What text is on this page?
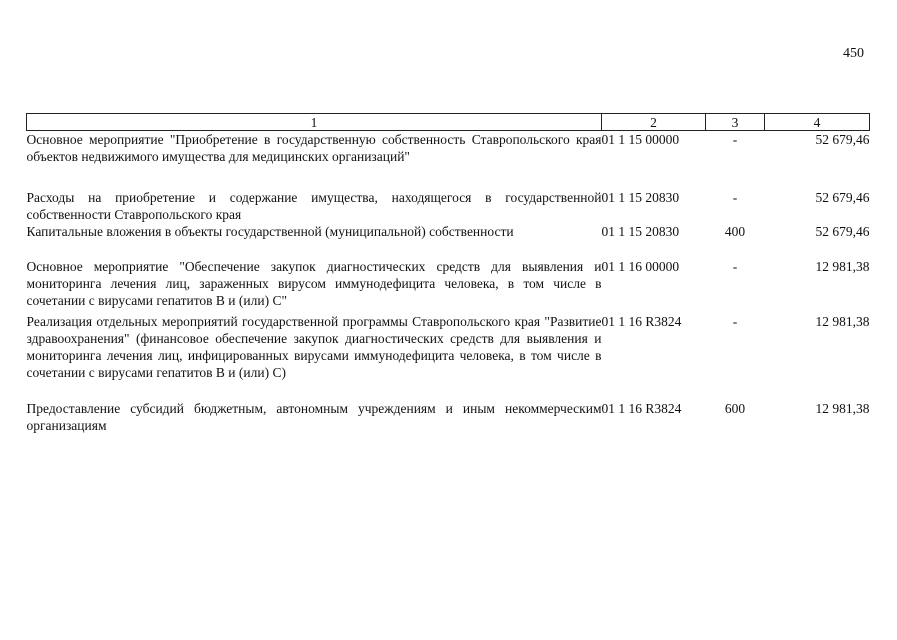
450
1	2	3	4
Основное мероприятие "Приобретение в государственную собственность Ставропольского края объектов недвижимого имущества для медицинских организаций"	01 1 15 00000	-	52 679,46
Расходы на приобретение и содержание имущества, находящегося в государственной собственности Ставропольского края	01 1 15 20830	-	52 679,46
Капитальные вложения в объекты государственной (муниципальной) собственности	01 1 15 20830	400	52 679,46
Основное мероприятие "Обеспечение закупок диагностических средств для выявления и мониторинга лечения лиц, зараженных вирусом иммунодефицита человека, в том числе в сочетании с вирусами гепатитов В и (или) С"	01 1 16 00000	-	12 981,38
Реализация отдельных мероприятий государственной программы Ставропольского края "Развитие здравоохранения" (финансовое обеспечение закупок диагностических средств для выявления и мониторинга лечения лиц, инфицированных вирусами иммунодефицита человека, в том числе в сочетании с вирусами гепатитов В и (или) С)	01 1 16 R3824	-	12 981,38
Предоставление субсидий бюджетным, автономным учреждениям и иным некоммерческим организациям	01 1 16 R3824	600	12 981,38
